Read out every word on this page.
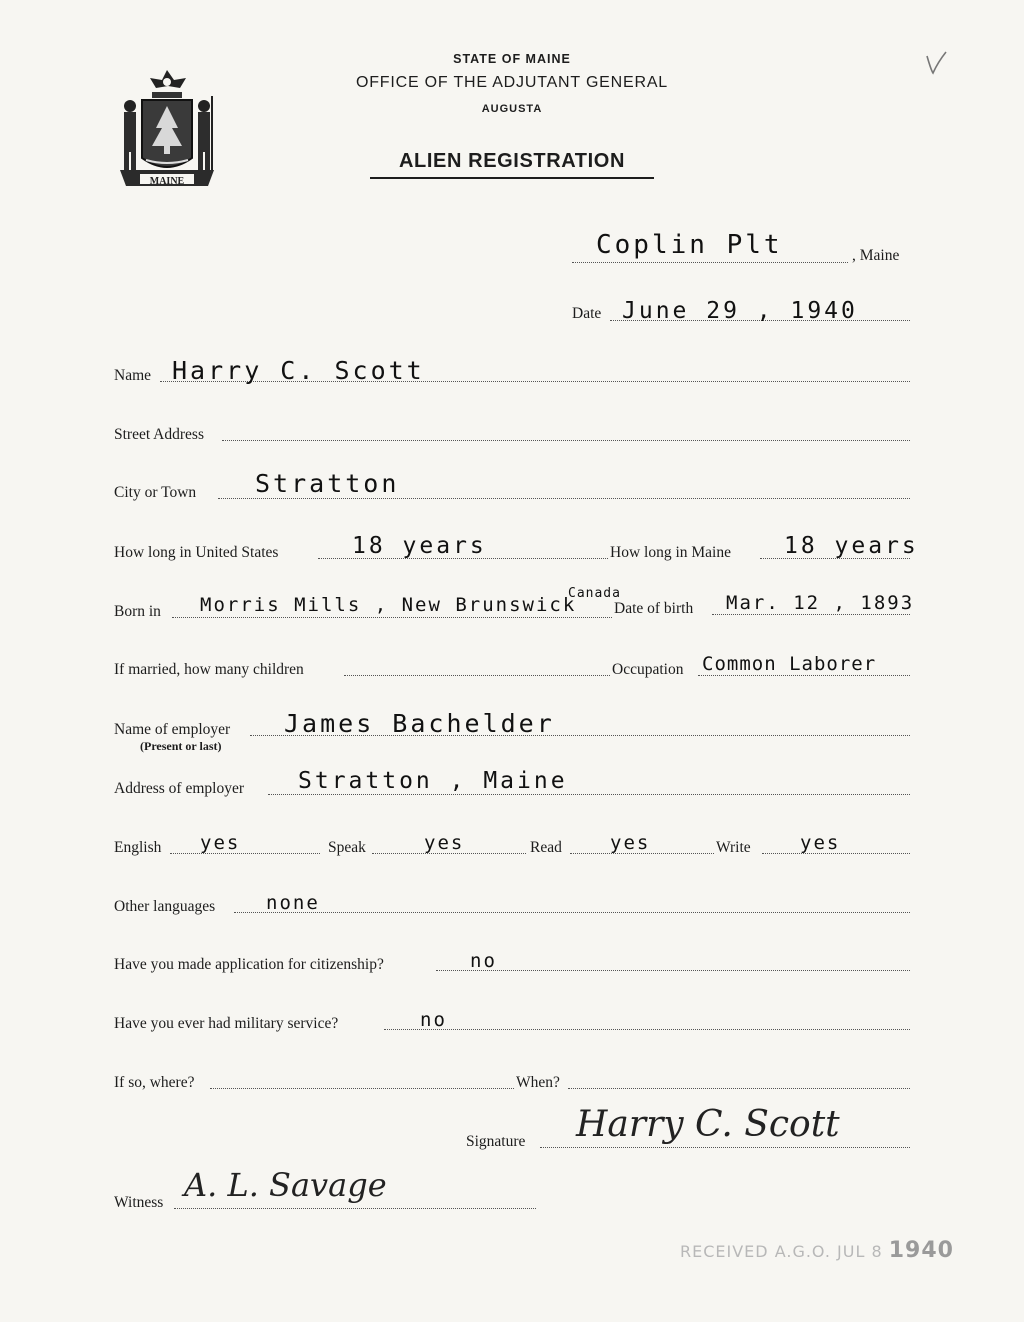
MAINE
STATE OF MAINE
OFFICE OF THE ADJUTANT GENERAL
AUGUSTA
ALIEN REGISTRATION
Coplin Plt	, Maine
Date June 29 , 1940
Name Harry C. Scott
Street Address
City or Town Stratton
How long in United States	18 years	How long in Maine 18 years
Born in Morris Mills , New Brunswick
Canada
Date of birth Mar. 12 , 1893
If married, how many children	Occupation Common Laborer
Name of employer
(Present or last)
James Bachelder
Address of employer Stratton , Maine
English yes	Speak	yes	Read	yes	Write	yes
Other languages	none
Have you made application for citizenship?	no
Have you ever had military service?	no
If so, where?	When?
Signature Harry C. Scott
Witness A. L. Savage
RECEIVED A.G.O. JUL 8 1940
